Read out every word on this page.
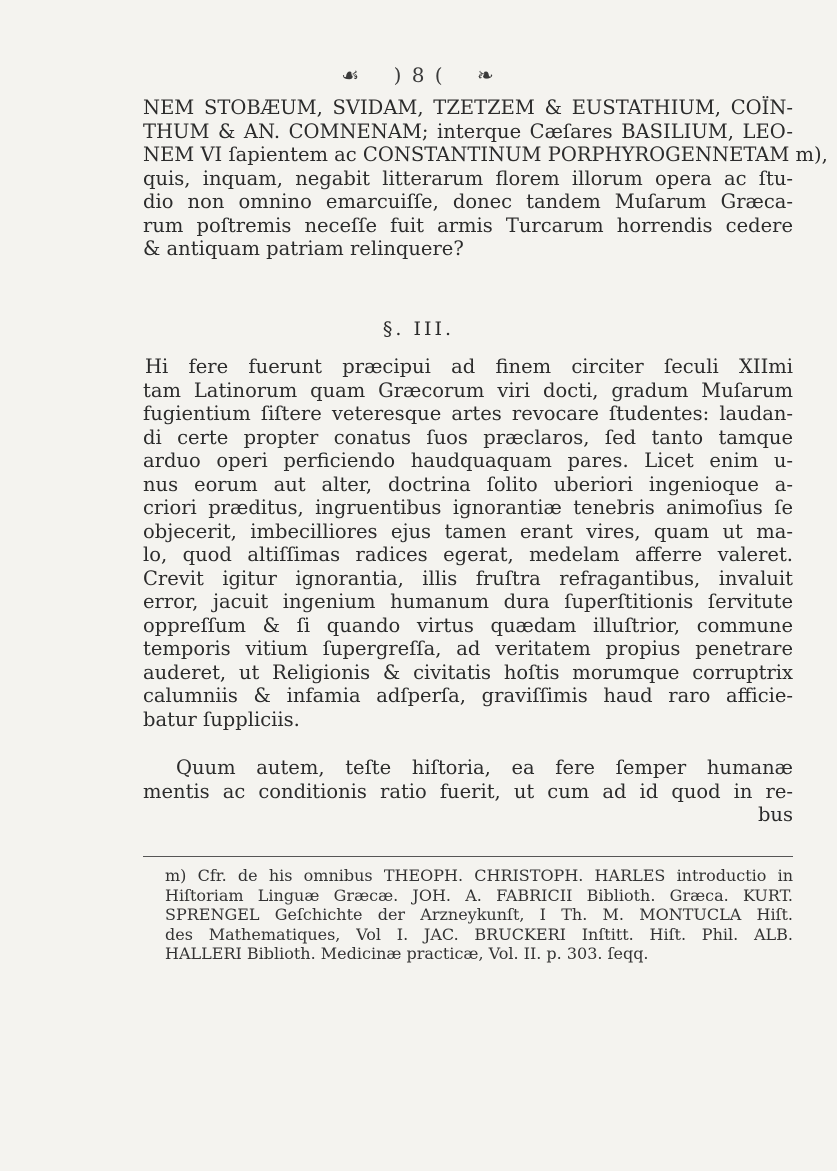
☙ ) 8 ( ❧
NEM STOBÆUM, SVIDAM, TZETZEM & EUSTATHIUM, COÏN-
THUM & AN. COMNENAM; interque Cæſares BASILIUM, LEO-
NEM VI ſapientem ac CONSTANTINUM PORPHYROGENNETAM m),
quis, inquam, negabit litterarum florem illorum opera ac ſtu-
dio non omnino emarcuiſſe, donec tandem Muſarum Græca-
rum poſtremis neceſſe fuit armis Turcarum horrendis cedere
& antiquam patriam relinquere?
§. III.
Hi fere fuerunt præcipui ad finem circiter ſeculi XIImi
tam Latinorum quam Græcorum viri docti, gradum Muſarum
fugientium ſiſtere veteresque artes revocare ſtudentes: laudan-
di certe propter conatus ſuos præclaros, ſed tanto tamque
arduo operi perficiendo haudquaquam pares. Licet enim u-
nus eorum aut alter, doctrina ſolito uberiori ingenioque a-
criori præditus, ingruentibus ignorantiæ tenebris animoſius ſe
objecerit, imbecilliores ejus tamen erant vires, quam ut ma-
lo, quod altiſſimas radices egerat, medelam afferre valeret.
Crevit igitur ignorantia, illis fruſtra refragantibus, invaluit
error, jacuit ingenium humanum dura ſuperſtitionis ſervitute
oppreſſum & ſi quando virtus quædam illuſtrior, commune
temporis vitium ſupergreſſa, ad veritatem propius penetrare
auderet, ut Religionis & civitatis hoſtis morumque corruptrix
calumniis & infamia adſperſa, graviſſimis haud raro afficie-
batur ſuppliciis.
Quum autem, teſte hiſtoria, ea fere ſemper humanæ
mentis ac conditionis ratio fuerit, ut cum ad id quod in re-
bus
m) Cfr. de his omnibus THEOPH. CHRISTOPH. HARLES introductio in
Hiſtoriam Linguæ Græcæ. JOH. A. FABRICII Biblioth. Græca. KURT.
SPRENGEL Geſchichte der Arzneykunſt, I Th. M. MONTUCLA Hiſt.
des Mathematiques, Vol I. JAC. BRUCKERI Inſtitt. Hiſt. Phil. ALB.
HALLERI Biblioth. Medicinæ practicæ, Vol. II. p. 303. ſeqq.
